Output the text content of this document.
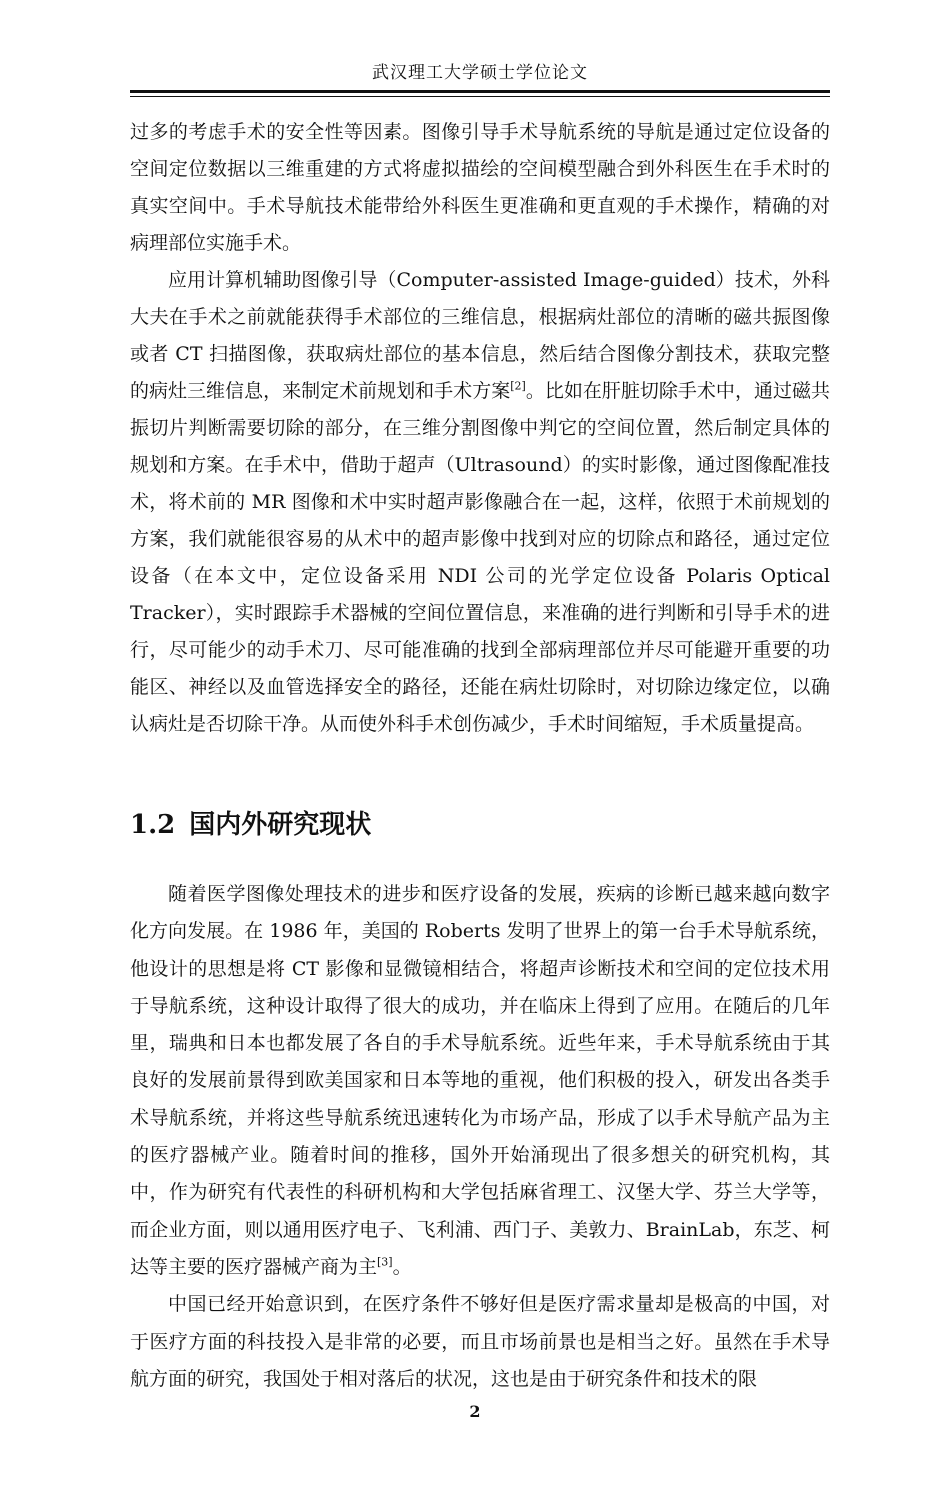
武汉理工大学硕士学位论文

过多的考虑手术的安全性等因素。图像引导手术导航系统的导航是通过定位设备的空间定位数据以三维重建的方式将虚拟描绘的空间模型融合到外科医生在手术时的真实空间中。手术导航技术能带给外科医生更准确和更直观的手术操作，精确的对病理部位实施手术。

应用计算机辅助图像引导（Computer-assisted Image-guided）技术，外科大夫在手术之前就能获得手术部位的三维信息，根据病灶部位的清晰的磁共振图像或者 CT 扫描图像，获取病灶部位的基本信息，然后结合图像分割技术，获取完整的病灶三维信息，来制定术前规划和手术方案[2]。比如在肝脏切除手术中，通过磁共振切片判断需要切除的部分，在三维分割图像中判它的空间位置，然后制定具体的规划和方案。在手术中，借助于超声（Ultrasound）的实时影像，通过图像配准技术，将术前的 MR 图像和术中实时超声影像融合在一起，这样，依照于术前规划的方案，我们就能很容易的从术中的超声影像中找到对应的切除点和路径，通过定位设备（在本文中，定位设备采用 NDI 公司的光学定位设备 Polaris Optical Tracker），实时跟踪手术器械的空间位置信息，来准确的进行判断和引导手术的进行，尽可能少的动手术刀、尽可能准确的找到全部病理部位并尽可能避开重要的功能区、神经以及血管选择安全的路径，还能在病灶切除时，对切除边缘定位，以确认病灶是否切除干净。从而使外科手术创伤减少，手术时间缩短，手术质量提高。

1.2 国内外研究现状

随着医学图像处理技术的进步和医疗设备的发展，疾病的诊断已越来越向数字化方向发展。在 1986 年，美国的 Roberts 发明了世界上的第一台手术导航系统，他设计的思想是将 CT 影像和显微镜相结合，将超声诊断技术和空间的定位技术用于导航系统，这种设计取得了很大的成功，并在临床上得到了应用。在随后的几年里，瑞典和日本也都发展了各自的手术导航系统。近些年来，手术导航系统由于其良好的发展前景得到欧美国家和日本等地的重视，他们积极的投入，研发出各类手术导航系统，并将这些导航系统迅速转化为市场产品，形成了以手术导航产品为主的医疗器械产业。随着时间的推移，国外开始涌现出了很多想关的研究机构，其中，作为研究有代表性的科研机构和大学包括麻省理工、汉堡大学、芬兰大学等，而企业方面，则以通用医疗电子、飞利浦、西门子、美敦力、BrainLab，东芝、柯达等主要的医疗器械产商为主[3]。

中国已经开始意识到，在医疗条件不够好但是医疗需求量却是极高的中国，对于医疗方面的科技投入是非常的必要，而且市场前景也是相当之好。虽然在手术导航方面的研究，我国处于相对落后的状况，这也是由于研究条件和技术的限

2
